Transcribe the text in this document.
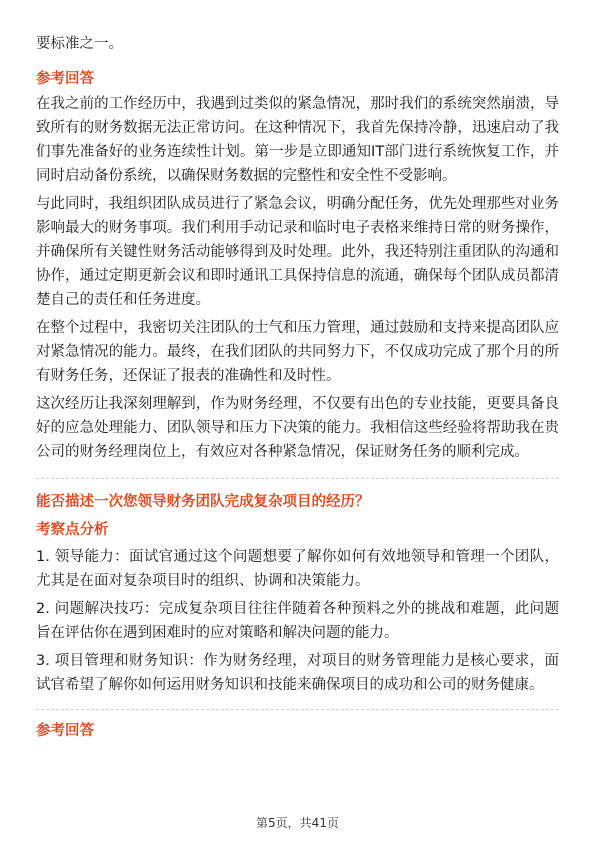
要标准之一。

参考回答

在我之前的工作经历中，我遇到过类似的紧急情况，那时我们的系统突然崩溃，导致所有的财务数据无法正常访问。在这种情况下，我首先保持冷静，迅速启动了我们事先准备好的业务连续性计划。第一步是立即通知IT部门进行系统恢复工作，并同时启动备份系统，以确保财务数据的完整性和安全性不受影响。

与此同时，我组织团队成员进行了紧急会议，明确分配任务，优先处理那些对业务影响最大的财务事项。我们利用手动记录和临时电子表格来维持日常的财务操作，并确保所有关键性财务活动能够得到及时处理。此外，我还特别注重团队的沟通和协作，通过定期更新会议和即时通讯工具保持信息的流通，确保每个团队成员都清楚自己的责任和任务进度。

在整个过程中，我密切关注团队的士气和压力管理，通过鼓励和支持来提高团队应对紧急情况的能力。最终，在我们团队的共同努力下，不仅成功完成了那个月的所有财务任务，还保证了报表的准确性和及时性。

这次经历让我深刻理解到，作为财务经理，不仅要有出色的专业技能，更要具备良好的应急处理能力、团队领导和压力下决策的能力。我相信这些经验将帮助我在贵公司的财务经理岗位上，有效应对各种紧急情况，保证财务任务的顺利完成。

能否描述一次您领导财务团队完成复杂项目的经历？

考察点分析

1. 领导能力：面试官通过这个问题想要了解你如何有效地领导和管理一个团队，尤其是在面对复杂项目时的组织、协调和决策能力。

2. 问题解决技巧：完成复杂项目往往伴随着各种预料之外的挑战和难题，此问题旨在评估你在遇到困难时的应对策略和解决问题的能力。

3. 项目管理和财务知识：作为财务经理，对项目的财务管理能力是核心要求，面试官希望了解你如何运用财务知识和技能来确保项目的成功和公司的财务健康。

参考回答

第5页，共41页
